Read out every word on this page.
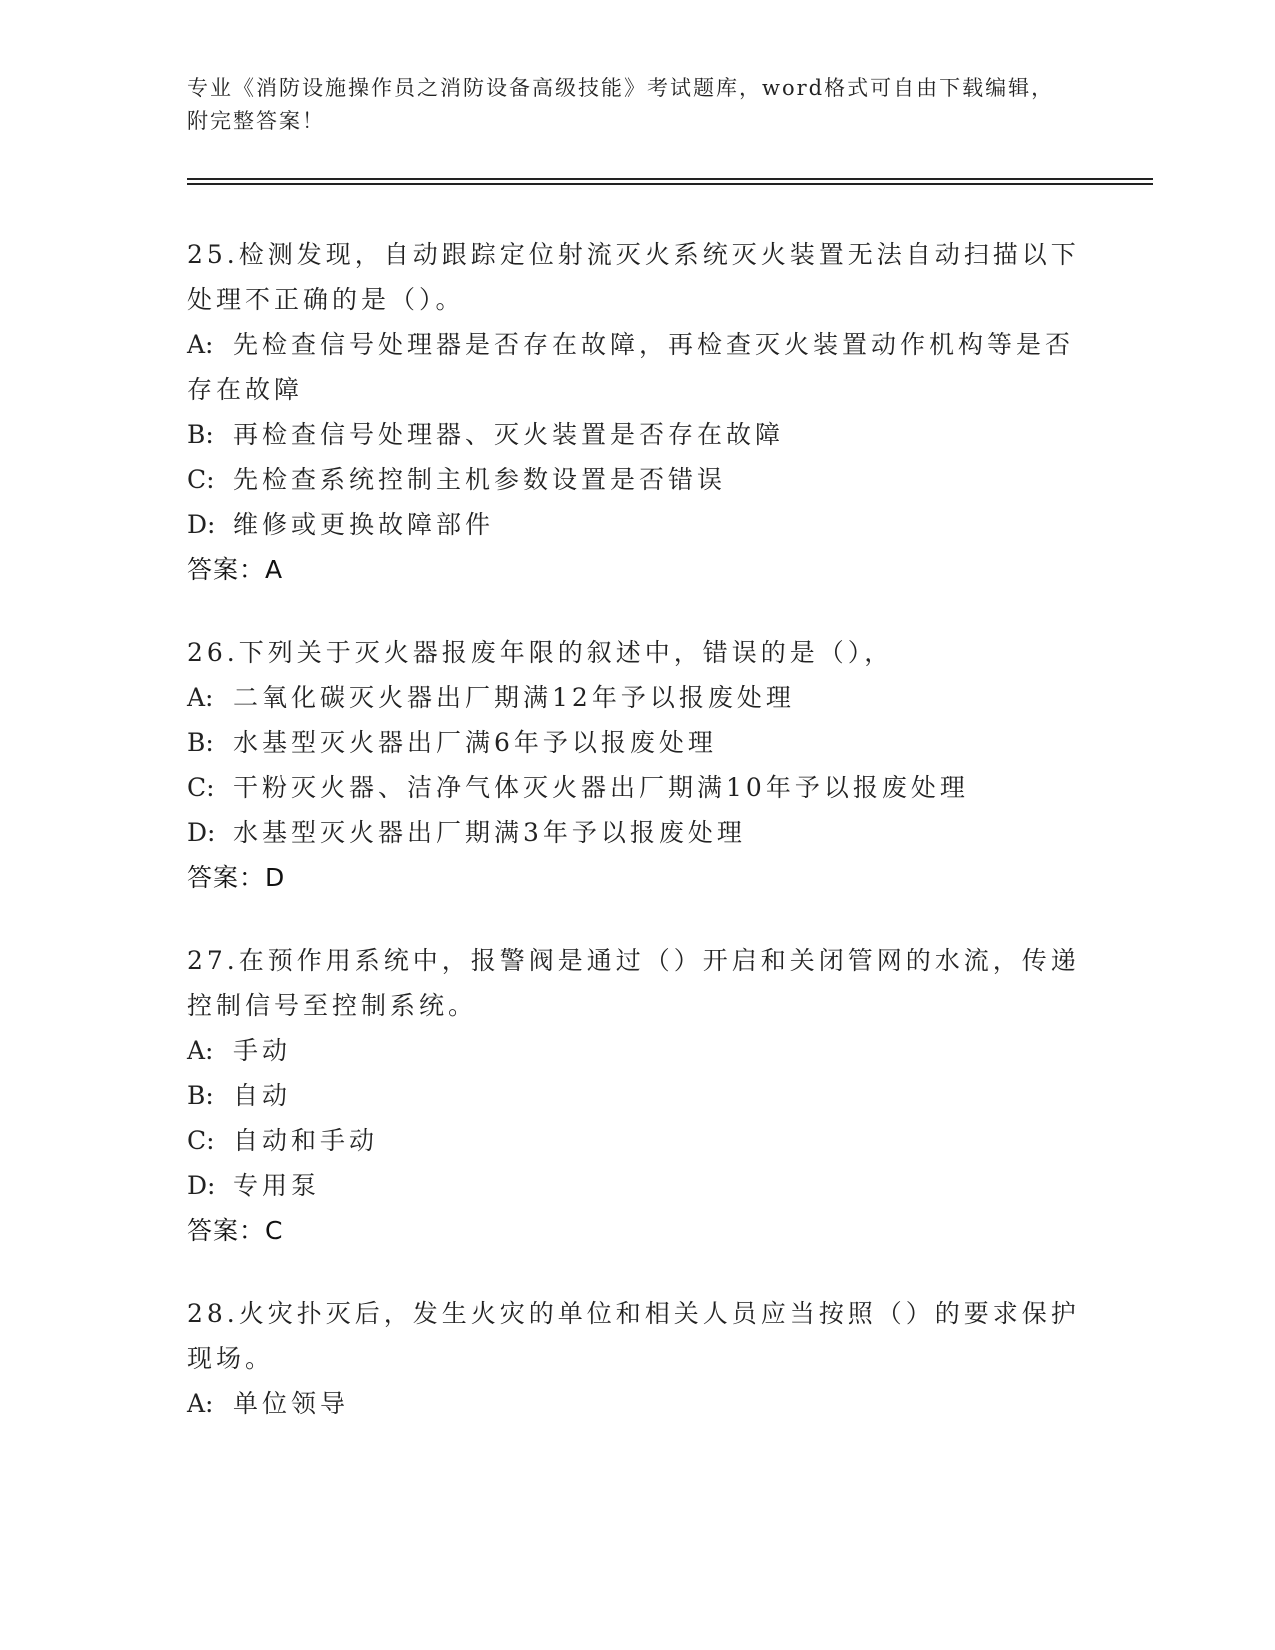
专业《消防设施操作员之消防设备高级技能》考试题库，word格式可自由下载编辑，附完整答案！
25.检测发现，自动跟踪定位射流灭火系统灭火装置无法自动扫描以下处理不正确的是（）。
A: 先检查信号处理器是否存在故障，再检查灭火装置动作机构等是否存在故障
B: 再检查信号处理器、灭火装置是否存在故障
C: 先检查系统控制主机参数设置是否错误
D: 维修或更换故障部件
答案：A
26.下列关于灭火器报废年限的叙述中，错误的是（），
A: 二氧化碳灭火器出厂期满12年予以报废处理
B: 水基型灭火器出厂满6年予以报废处理
C: 干粉灭火器、洁净气体灭火器出厂期满10年予以报废处理
D: 水基型灭火器出厂期满3年予以报废处理
答案：D
27.在预作用系统中，报警阀是通过（）开启和关闭管网的水流，传递控制信号至控制系统。
A: 手动
B: 自动
C: 自动和手动
D: 专用泵
答案：C
28.火灾扑灭后，发生火灾的单位和相关人员应当按照（）的要求保护现场。
A: 单位领导
